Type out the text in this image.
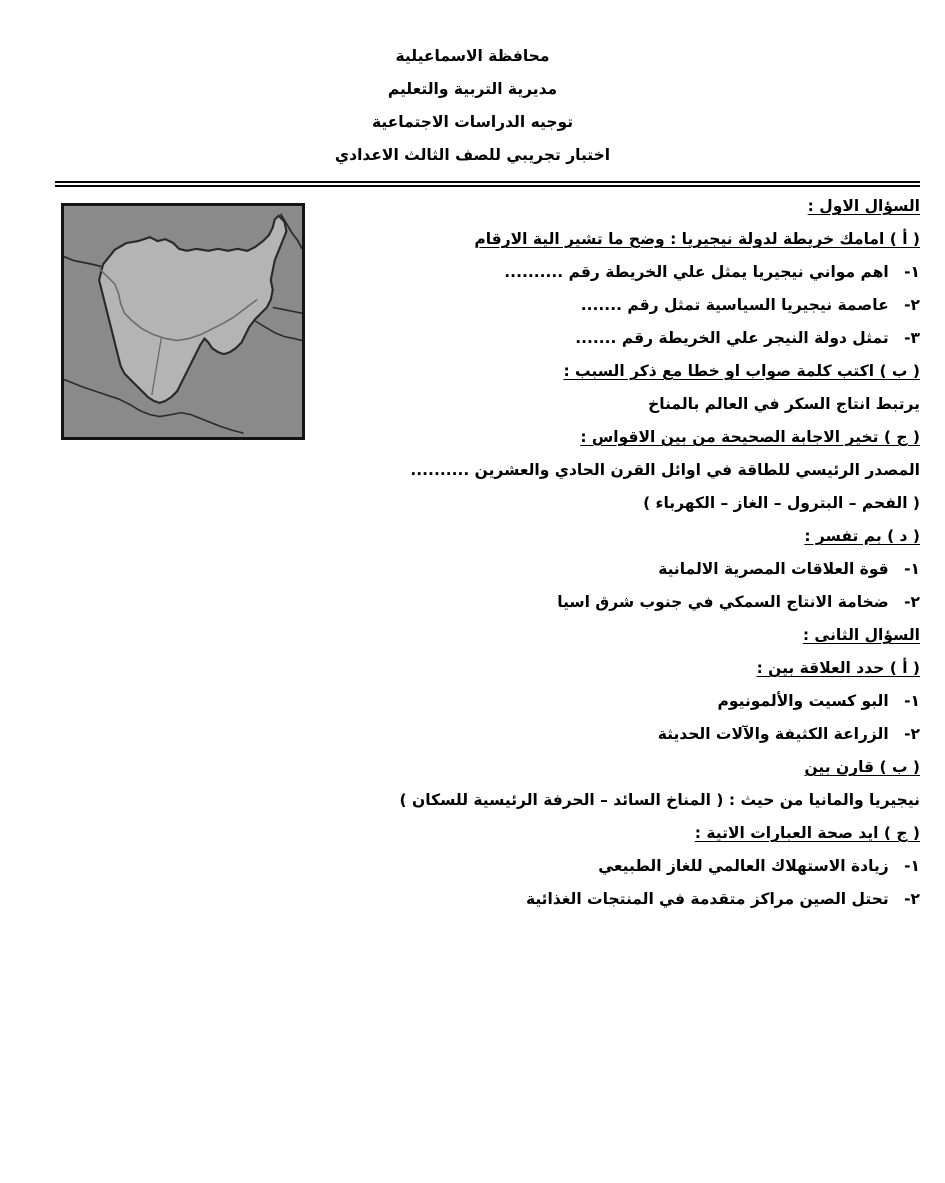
محافظة الاسماعيلية
مديرية التربية والتعليم
توجيه الدراسات الاجتماعية
اختبار تجريبي للصف الثالث الاعدادي
السؤال الاول :
( أ ) امامك خريطة لدولة نيجيريا : وضح ما تشير الية الارقام
١- اهم مواني نيجيريا يمثل علي الخريطة رقم ..........
٢- عاصمة نيجيريا السياسية تمثل رقم .......
٣- تمثل دولة النيجر علي الخريطة رقم .......
( ب ) اكتب كلمة صواب او خطا مع ذكر السبب :
يرتبط انتاج السكر في العالم بالمناخ
( ج ) تخير الاجابة الصحيحة من بين الاقواس :
المصدر الرئيسي للطاقة في اوائل القرن الحادي والعشرين ..........
( الفحم – البترول – الغاز – الكهرباء )
( د ) بم تفسر :
١- قوة العلاقات المصرية الالمانية
٢- ضخامة الانتاج السمكي في جنوب شرق اسيا
السؤال الثانى :
( أ ) حدد العلاقة بين :
١- البو كسيت والألمونيوم
٢- الزراعة الكثيفة والآلات الحديثة
( ب ) قارن بين
نيجيريا والمانيا من حيث : ( المناخ السائد – الحرفة الرئيسية للسكان )
( ج ) ايد صحة العبارات الاتية :
١- زيادة الاستهلاك العالمي للغاز الطبيعي
٢- تحتل الصين مراكز متقدمة في المنتجات الغذائية
